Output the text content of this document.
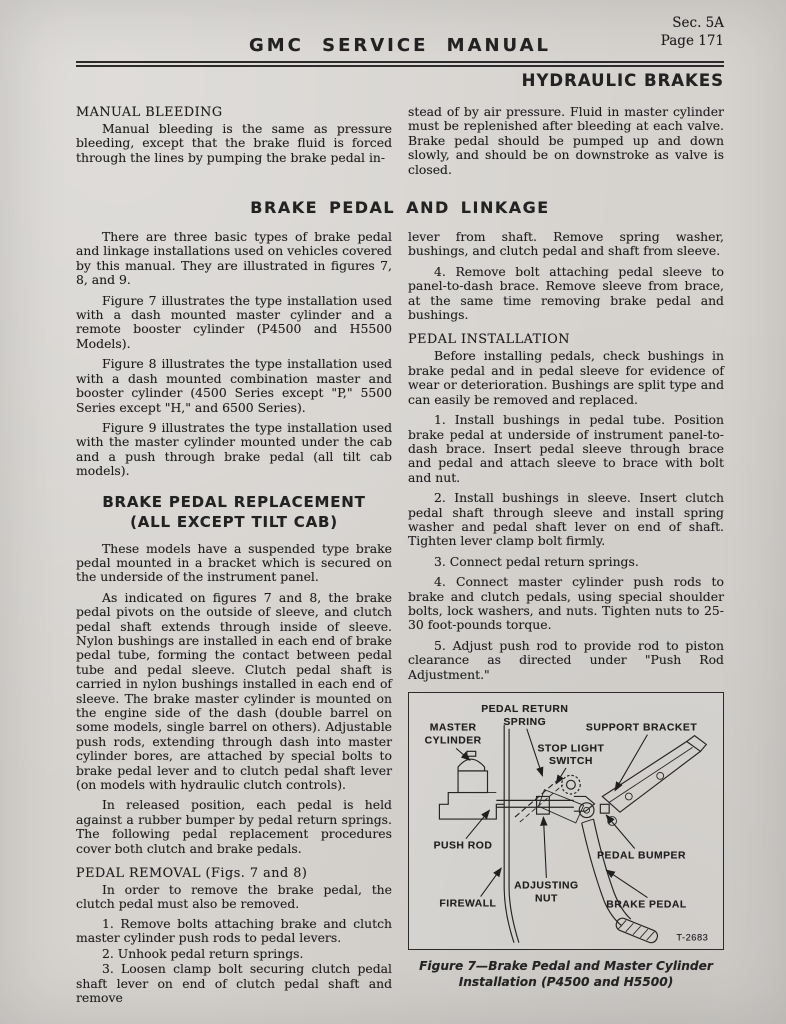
Sec. 5A
Page 171
GMC SERVICE MANUAL
HYDRAULIC BRAKES
MANUAL BLEEDING

Manual bleeding is the same as pressure bleeding, except that the brake fluid is forced through the lines by pumping the brake pedal in-

stead of by air pressure. Fluid in master cylinder must be replenished after bleeding at each valve. Brake pedal should be pumped up and down slowly, and should be on downstroke as valve is closed.

BRAKE PEDAL AND LINKAGE

There are three basic types of brake pedal and linkage installations used on vehicles covered by this manual. They are illustrated in figures 7, 8, and 9.

Figure 7 illustrates the type installation used with a dash mounted master cylinder and a remote booster cylinder (P4500 and H5500 Models).

Figure 8 illustrates the type installation used with a dash mounted combination master and booster cylinder (4500 Series except "P," 5500 Series except "H," and 6500 Series).

Figure 9 illustrates the type installation used with the master cylinder mounted under the cab and a push through brake pedal (all tilt cab models).

BRAKE PEDAL REPLACEMENT
(ALL EXCEPT TILT CAB)

These models have a suspended type brake pedal mounted in a bracket which is secured on the underside of the instrument panel.

As indicated on figures 7 and 8, the brake pedal pivots on the outside of sleeve, and clutch pedal shaft extends through inside of sleeve. Nylon bushings are installed in each end of brake pedal tube, forming the contact between pedal tube and pedal sleeve. Clutch pedal shaft is carried in nylon bushings installed in each end of sleeve. The brake master cylinder is mounted on the engine side of the dash (double barrel on some models, single barrel on others). Adjustable push rods, extending through dash into master cylinder bores, are attached by special bolts to brake pedal lever and to clutch pedal shaft lever (on models with hydraulic clutch controls).

In released position, each pedal is held against a rubber bumper by pedal return springs. The following pedal replacement procedures cover both clutch and brake pedals.

PEDAL REMOVAL (Figs. 7 and 8)

In order to remove the brake pedal, the clutch pedal must also be removed.

1. Remove bolts attaching brake and clutch master cylinder push rods to pedal levers.

2. Unhook pedal return springs.

3. Loosen clamp bolt securing clutch pedal shaft lever on end of clutch pedal shaft and remove

lever from shaft. Remove spring washer, bushings, and clutch pedal and shaft from sleeve.

4. Remove bolt attaching pedal sleeve to panel-to-dash brace. Remove sleeve from brace, at the same time removing brake pedal and bushings.

PEDAL INSTALLATION

Before installing pedals, check bushings in brake pedal and in pedal sleeve for evidence of wear or deterioration. Bushings are split type and can easily be removed and replaced.

1. Install bushings in pedal tube. Position brake pedal at underside of instrument panel-to-dash brace. Insert pedal sleeve through brace and pedal and attach sleeve to brace with bolt and nut.

2. Install bushings in sleeve. Insert clutch pedal shaft through sleeve and install spring washer and pedal shaft lever on end of shaft. Tighten lever clamp bolt firmly.

3. Connect pedal return springs.

4. Connect master cylinder push rods to brake and clutch pedals, using special shoulder bolts, lock washers, and nuts. Tighten nuts to 25-30 foot-pounds torque.

5. Adjust push rod to provide rod to piston clearance as directed under "Push Rod Adjustment."

PEDAL RETURN
SPRING
MASTER
CYLINDER
SUPPORT BRACKET
STOP LIGHT
SWITCH
PUSH ROD
ADJUSTING
NUT
FIREWALL
PEDAL BUMPER
BRAKE PEDAL
T-2683
Figure 7—Brake Pedal and Master Cylinder
Installation (P4500 and H5500)
